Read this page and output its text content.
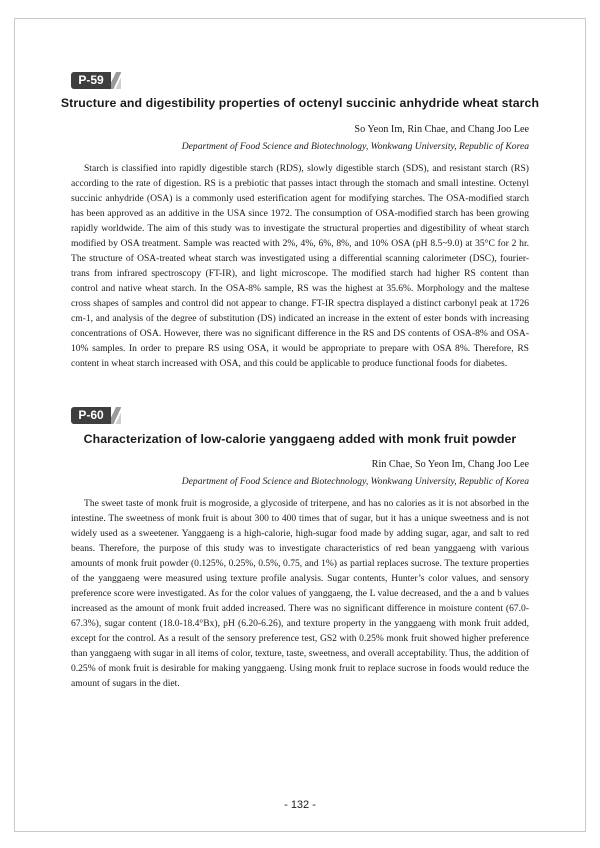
P-59
Structure and digestibility properties of octenyl succinic anhydride wheat starch
So Yeon Im, Rin Chae, and Chang Joo Lee
Department of Food Science and Biotechnology, Wonkwang University, Republic of Korea

Starch is classified into rapidly digestible starch (RDS), slowly digestible starch (SDS), and resistant starch (RS) according to the rate of digestion. RS is a prebiotic that passes intact through the stomach and small intestine. Octenyl succinic anhydride (OSA) is a commonly used esterification agent for modifying starches. The OSA-modified starch has been approved as an additive in the USA since 1972. The consumption of OSA-modified starch has been growing rapidly worldwide. The aim of this study was to investigate the structural properties and digestibility of wheat starch modified by OSA treatment. Sample was reacted with 2%, 4%, 6%, 8%, and 10% OSA (pH 8.5~9.0) at 35°C for 2 hr. The structure of OSA-treated wheat starch was investigated using a differential scanning calorimeter (DSC), fourier-trans from infrared spectroscopy (FT-IR), and light microscope. The modified starch had higher RS content than control and native wheat starch. In the OSA-8% sample, RS was the highest at 35.6%. Morphology and the maltese cross shapes of samples and control did not appear to change. FT-IR spectra displayed a distinct carbonyl peak at 1726 cm-1, and analysis of the degree of substitution (DS) indicated an increase in the extent of ester bonds with increasing concentrations of OSA. However, there was no significant difference in the RS and DS contents of OSA-8% and OSA-10% samples. In order to prepare RS using OSA, it would be appropriate to prepare with OSA 8%. Therefore, RS content in wheat starch increased with OSA, and this could be applicable to produce functional foods for diabetes.

P-60
Characterization of low-calorie yanggaeng added with monk fruit powder
Rin Chae, So Yeon Im, Chang Joo Lee
Department of Food Science and Biotechnology, Wonkwang University, Republic of Korea

The sweet taste of monk fruit is mogroside, a glycoside of triterpene, and has no calories as it is not absorbed in the intestine. The sweetness of monk fruit is about 300 to 400 times that of sugar, but it has a unique sweetness and is not widely used as a sweetener. Yanggaeng is a high-calorie, high-sugar food made by adding sugar, agar, and salt to red beans. Therefore, the purpose of this study was to investigate characteristics of red bean yanggaeng with various amounts of monk fruit powder (0.125%, 0.25%, 0.5%, 0.75, and 1%) as partial replaces sucrose. The texture properties of the yanggaeng were measured using texture profile analysis. Sugar contents, Hunter’s color values, and sensory preference score were investigated. As for the color values of yanggaeng, the L value decreased, and the a and b values increased as the amount of monk fruit added increased. There was no significant difference in moisture content (67.0-67.3%), sugar content (18.0-18.4°Bx), pH (6.20-6.26), and texture property in the yanggaeng with monk fruit added, except for the control. As a result of the sensory preference test, GS2 with 0.25% monk fruit showed higher preference than yanggaeng with sugar in all items of color, texture, taste, sweetness, and overall acceptability. Thus, the addition of 0.25% of monk fruit is desirable for making yanggaeng. Using monk fruit to replace sucrose in foods would reduce the amount of sugars in the diet.

- 132 -
